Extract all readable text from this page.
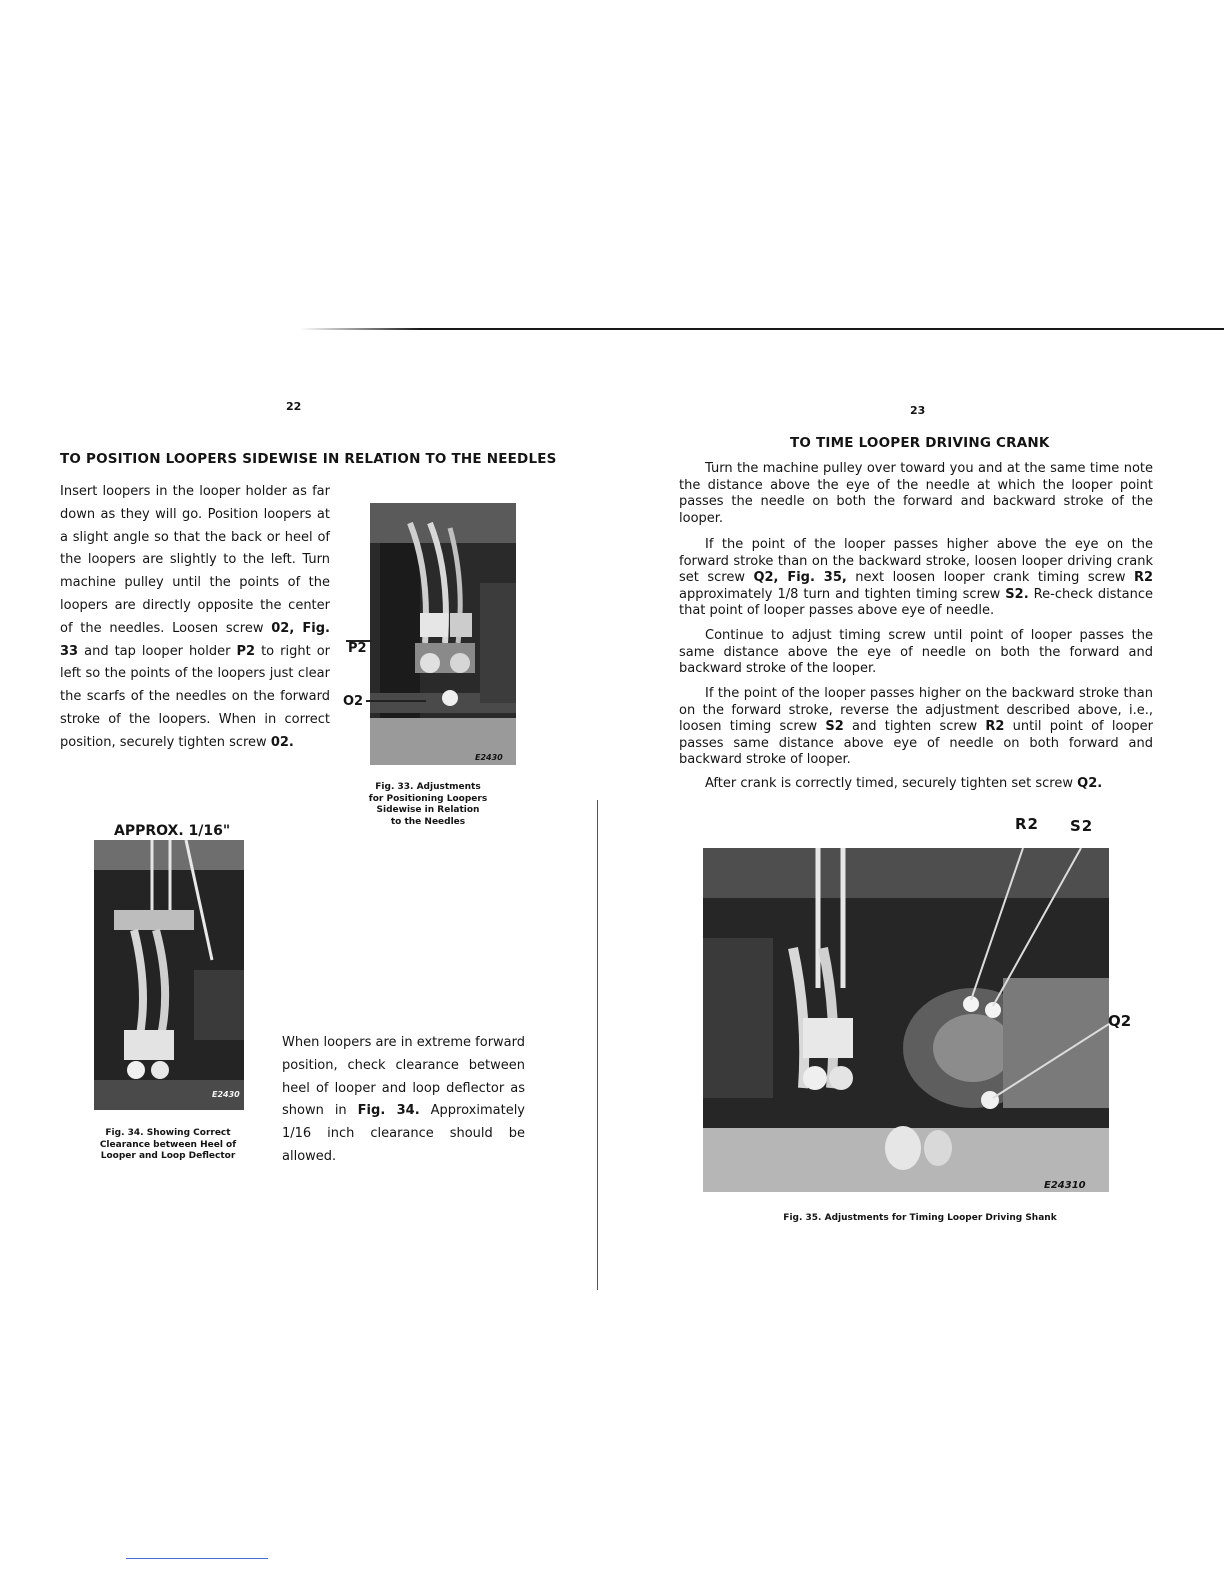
22
TO POSITION LOOPERS SIDEWISE IN RELATION TO THE NEEDLES
Insert loopers in the looper holder as far down as they will go. Position loopers at a slight angle so that the back or heel of the loopers are slightly to the left. Turn machine pulley until the points of the loopers are directly opposite the center of the needles. Loosen screw 02, Fig. 33 and tap looper holder P2 to right or left so the points of the loopers just clear the scarfs of the needles on the forward stroke of the loopers. When in correct position, securely tighten screw 02.
P2
O2
E2430
Fig. 33. Adjustments
for Positioning Loopers
Sidewise in Relation
to the Needles
APPROX. 1/16"
E2430
Fig. 34. Showing Correct
Clearance between Heel of
Looper and Loop Deflector
When loopers are in extreme forward position, check clearance between heel of looper and loop deflector as shown in Fig. 34. Approximately 1/16 inch clearance should be allowed.
23
TO TIME LOOPER DRIVING CRANK
Turn the machine pulley over toward you and at the same time note the distance above the eye of the needle at which the looper point passes the needle on both the forward and backward stroke of the looper.
If the point of the looper passes higher above the eye on the forward stroke than on the backward stroke, loosen looper driving crank set screw Q2, Fig. 35, next loosen looper crank timing screw R2 approximately 1/8 turn and tighten timing screw S2. Re-check distance that point of looper passes above eye of needle.
Continue to adjust timing screw until point of looper passes the same distance above the eye of needle on both the forward and backward stroke of the looper.
If the point of the looper passes higher on the backward stroke than on the forward stroke, reverse the adjustment described above, i.e., loosen timing screw S2 and tighten screw R2 until point of looper passes same distance above eye of needle on both forward and backward stroke of looper.
After crank is correctly timed, securely tighten set screw Q2.
R2 S2
Q2
E24310
Fig. 35. Adjustments for Timing Looper Driving Shank
